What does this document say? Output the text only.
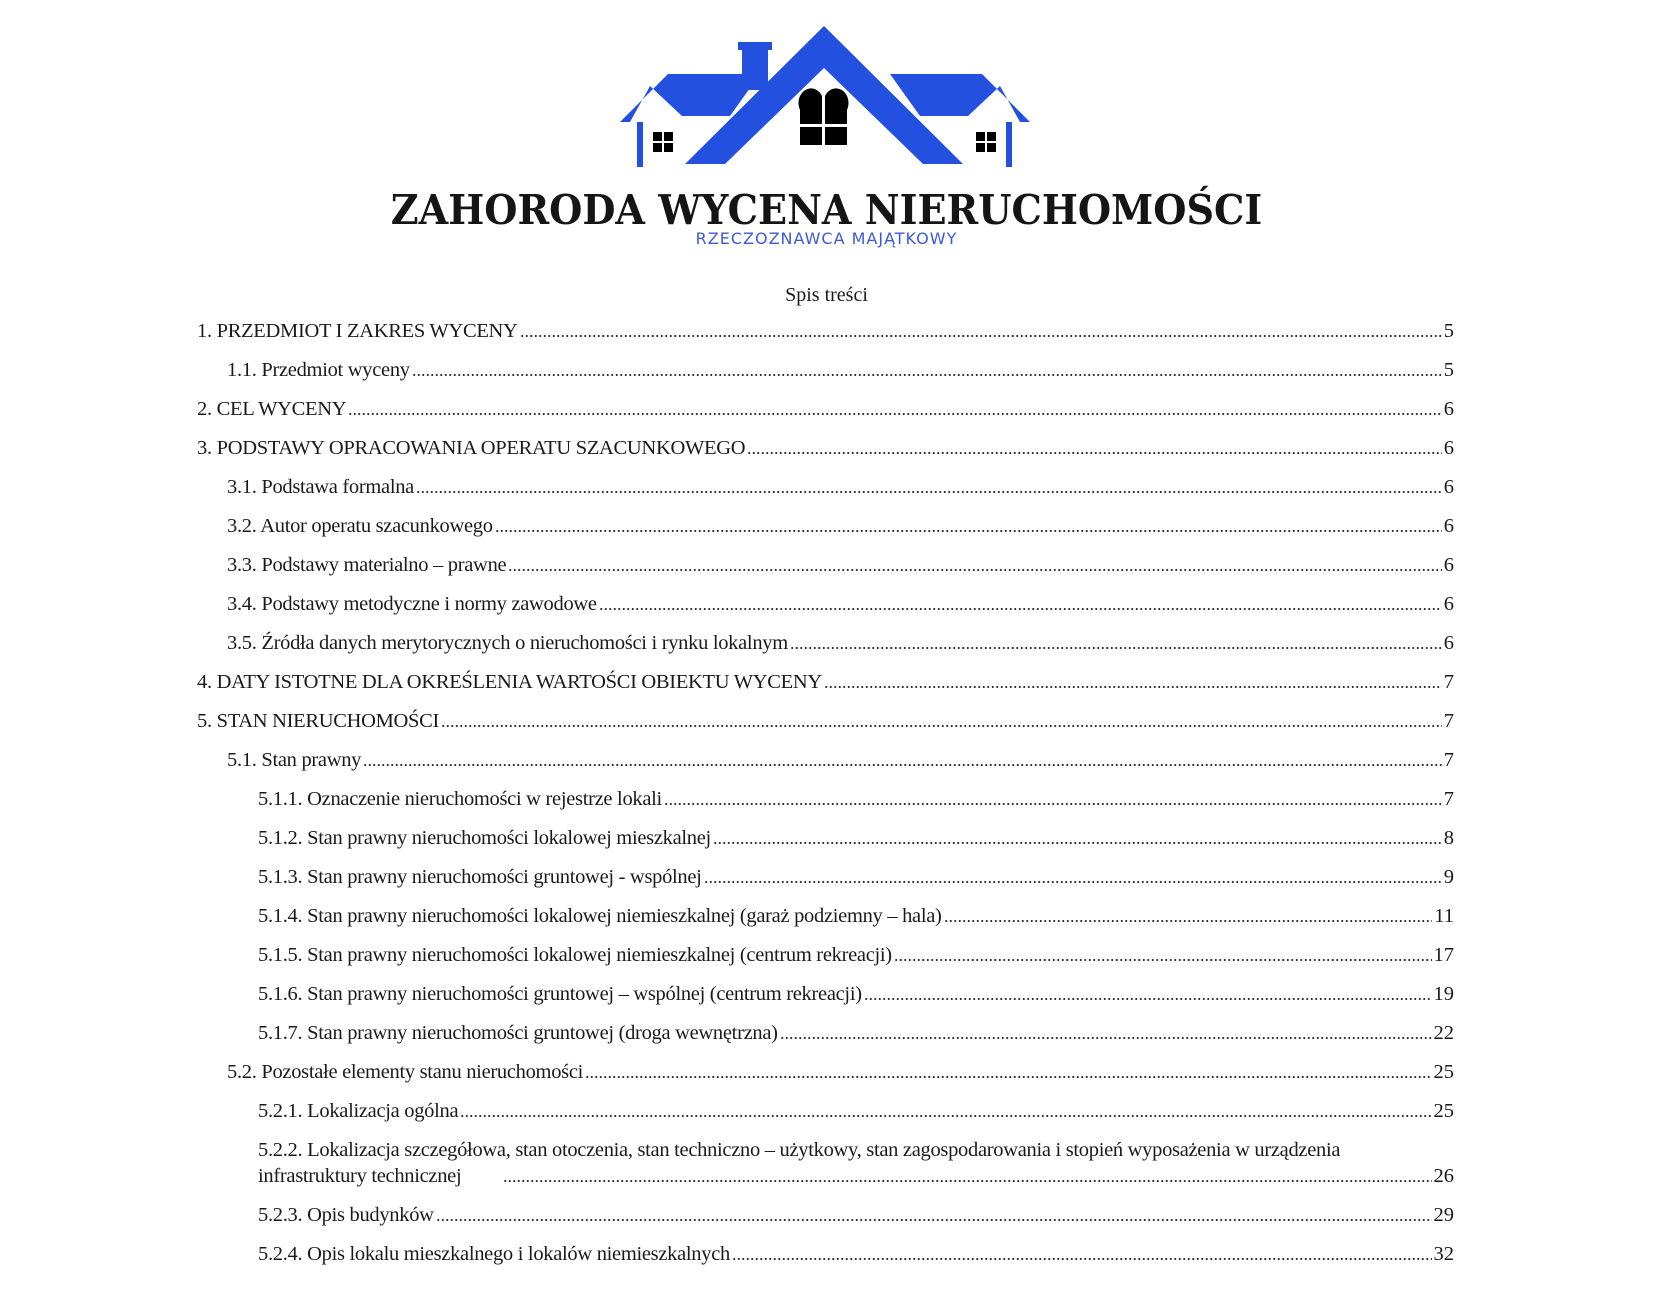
ZAHORODA WYCENA NIERUCHOMOŚCI
RZECZOZNAWCA MAJĄTKOWY
Spis treści
1. PRZEDMIOT I ZAKRES WYCENY	5
1.1. Przedmiot wyceny	5
2. CEL WYCENY	6
3. PODSTAWY OPRACOWANIA OPERATU SZACUNKOWEGO	6
3.1. Podstawa formalna	6
3.2. Autor operatu szacunkowego	6
3.3. Podstawy materialno – prawne	6
3.4. Podstawy metodyczne i normy zawodowe	6
3.5. Źródła danych merytorycznych o nieruchomości i rynku lokalnym	6
4. DATY ISTOTNE DLA OKREŚLENIA WARTOŚCI OBIEKTU WYCENY	7
5. STAN NIERUCHOMOŚCI	7
5.1. Stan prawny	7
5.1.1. Oznaczenie nieruchomości w rejestrze lokali	7
5.1.2. Stan prawny nieruchomości lokalowej mieszkalnej	8
5.1.3. Stan prawny nieruchomości gruntowej - wspólnej	9
5.1.4. Stan prawny nieruchomości lokalowej niemieszkalnej (garaż podziemny – hala)	11
5.1.5. Stan prawny nieruchomości lokalowej niemieszkalnej (centrum rekreacji)	17
5.1.6. Stan prawny nieruchomości gruntowej – wspólnej (centrum rekreacji)	19
5.1.7. Stan prawny nieruchomości gruntowej (droga wewnętrzna)	22
5.2. Pozostałe elementy stanu nieruchomości	25
5.2.1. Lokalizacja ogólna	25
5.2.2. Lokalizacja szczegółowa, stan otoczenia, stan techniczno – użytkowy, stan zagospodarowania i stopień wyposażenia w urządzenia
infrastruktury technicznej	26
5.2.3. Opis budynków	29
5.2.4. Opis lokalu mieszkalnego i lokalów niemieszkalnych	32
